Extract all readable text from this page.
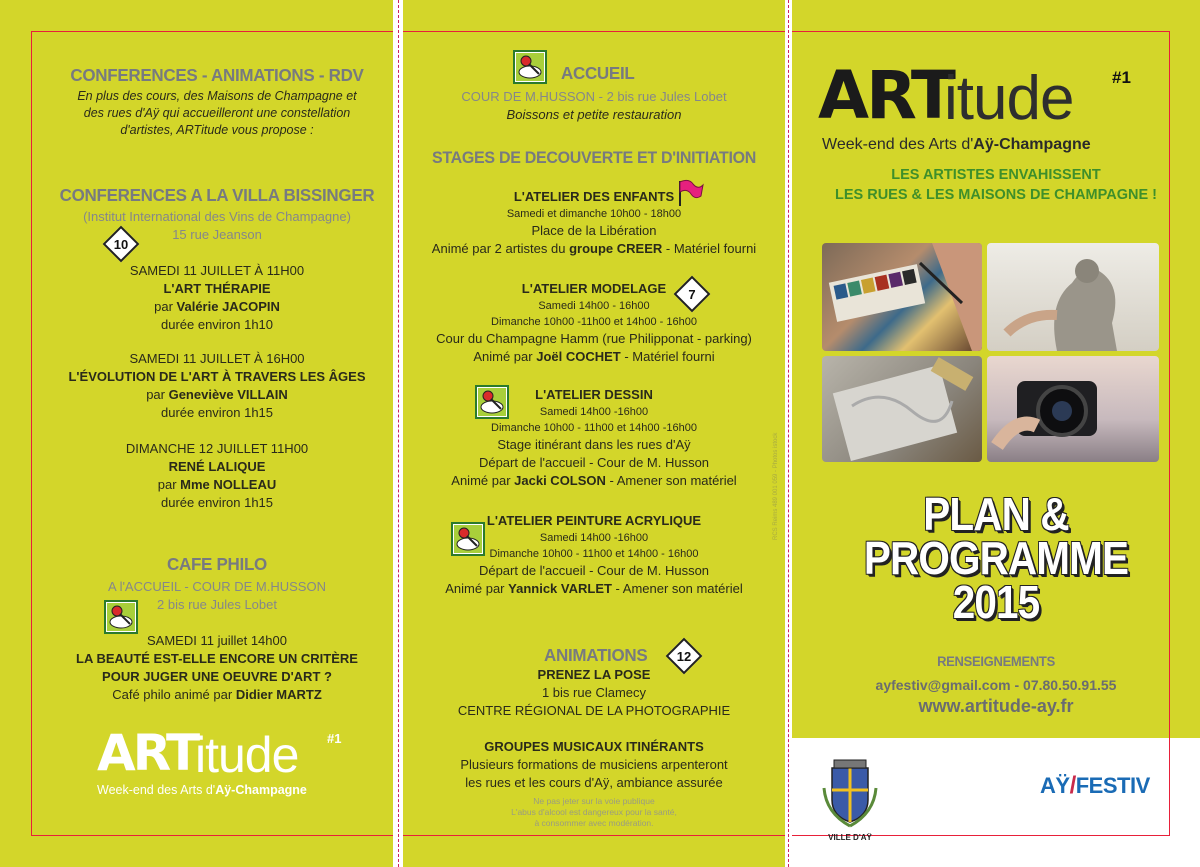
CONFERENCES - ANIMATIONS - RDV
En plus des cours, des Maisons de Champagne et
des rues d'Aÿ qui accueilleront une constellation
d'artistes, ARTitude vous propose :
CONFERENCES A LA VILLA BISSINGER
(Institut International des Vins de Champagne)
15 rue Jeanson
10
SAMEDI 11 JUILLET À 11H00
L'ART THÉRAPIE
par Valérie JACOPIN
durée environ 1h10
SAMEDI 11 JUILLET À 16H00
L'ÉVOLUTION DE L'ART À TRAVERS LES ÂGES
par Geneviève VILLAIN
durée environ 1h15
DIMANCHE 12 JUILLET 11H00
RENÉ LALIQUE
par Mme NOLLEAU
durée environ 1h15
CAFE PHILO
A l'ACCUEIL - COUR DE M.HUSSON
2 bis rue Jules Lobet
SAMEDI 11 juillet 14h00
LA BEAUTÉ EST-ELLE ENCORE UN CRITÈRE
POUR JUGER UNE OEUVRE D'ART ?
Café philo animé par Didier MARTZ
ART
itude #1
Week-end des Arts d'Aÿ-Champagne
ACCUEIL
COUR DE M.HUSSON - 2 bis rue Jules Lobet
Boissons et petite restauration
STAGES DE DECOUVERTE ET D'INITIATION
L'ATELIER DES ENFANTS
Samedi et dimanche 10h00 - 18h00
Place de la Libération
Animé par 2 artistes du groupe CREER - Matériel fourni
L'ATELIER MODELAGE
Samedi 14h00 - 16h00
Dimanche 10h00 -11h00 et 14h00 - 16h00
Cour du Champagne Hamm (rue Philipponat - parking)
Animé par Joël COCHET - Matériel fourni
7
L'ATELIER DESSIN
Samedi 14h00 -16h00
Dimanche 10h00 - 11h00 et 14h00 -16h00
Stage itinérant dans les rues d'Aÿ
Départ de l'accueil - Cour de M. Husson
Animé par Jacki COLSON - Amener son matériel
L'ATELIER PEINTURE ACRYLIQUE
Samedi 14h00 -16h00
Dimanche 10h00 - 11h00 et 14h00 - 16h00
Départ de l'accueil - Cour de M. Husson
Animé par Yannick VARLET - Amener son matériel
ANIMATIONS 12
PRENEZ LA POSE
1 bis rue Clamecy
CENTRE RÉGIONAL DE LA PHOTOGRAPHIE
GROUPES MUSICAUX ITINÉRANTS
Plusieurs formations de musiciens arpenteront
les rues et les cours d'Aÿ, ambiance assurée
Ne pas jeter sur la voie publique
L'abus d'alcool est dangereux pour la santé,
à consommer avec modération.
RCS Reims 489 001 059 - Photos istock
ART
itude #1
Week-end des Arts d'Aÿ-Champagne
LES ARTISTES ENVAHISSENT
LES RUES & LES MAISONS DE CHAMPAGNE !
PLAN &
PROGRAMME
2015
RENSEIGNEMENTS
ayfestiv@gmail.com - 07.80.50.91.55
www.artitude-ay.fr
VILLE D'AŸ
AŸ/FESTIV
